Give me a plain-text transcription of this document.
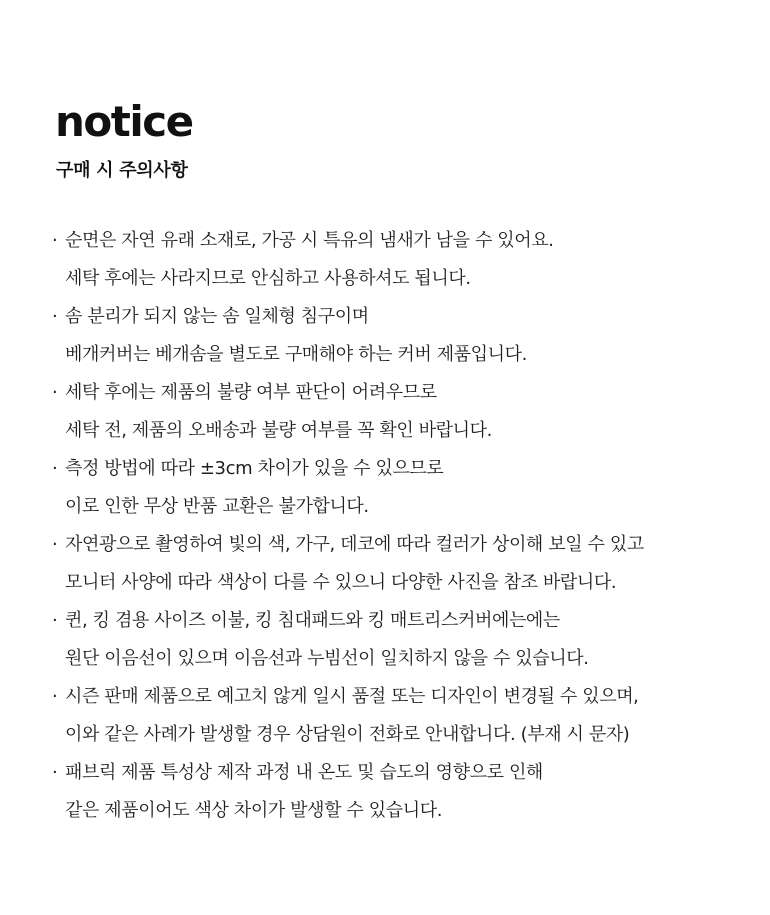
notice
구매 시 주의사항
· 순면은 자연 유래 소재로, 가공 시 특유의 냄새가 남을 수 있어요.
세탁 후에는 사라지므로 안심하고 사용하셔도 됩니다.
· 솜 분리가 되지 않는 솜 일체형 침구이며
베개커버는 베개솜을 별도로 구매해야 하는 커버 제품입니다.
· 세탁 후에는 제품의 불량 여부 판단이 어려우므로
세탁 전, 제품의 오배송과 불량 여부를 꼭 확인 바랍니다.
· 측정 방법에 따라 ±3cm 차이가 있을 수 있으므로
이로 인한 무상 반품 교환은 불가합니다.
· 자연광으로 촬영하여 빛의 색, 가구, 데코에 따라 컬러가 상이해 보일 수 있고
모니터 사양에 따라 색상이 다를 수 있으니 다양한 사진을 참조 바랍니다.
· 퀸, 킹 겸용 사이즈 이불, 킹 침대패드와 킹 매트리스커버에는에는
원단 이음선이 있으며 이음선과 누빔선이 일치하지 않을 수 있습니다.
· 시즌 판매 제품으로 예고치 않게 일시 품절 또는 디자인이 변경될 수 있으며,
이와 같은 사례가 발생할 경우 상담원이 전화로 안내합니다. (부재 시 문자)
· 패브릭 제품 특성상 제작 과정 내 온도 및 습도의 영향으로 인해
같은 제품이어도 색상 차이가 발생할 수 있습니다.
